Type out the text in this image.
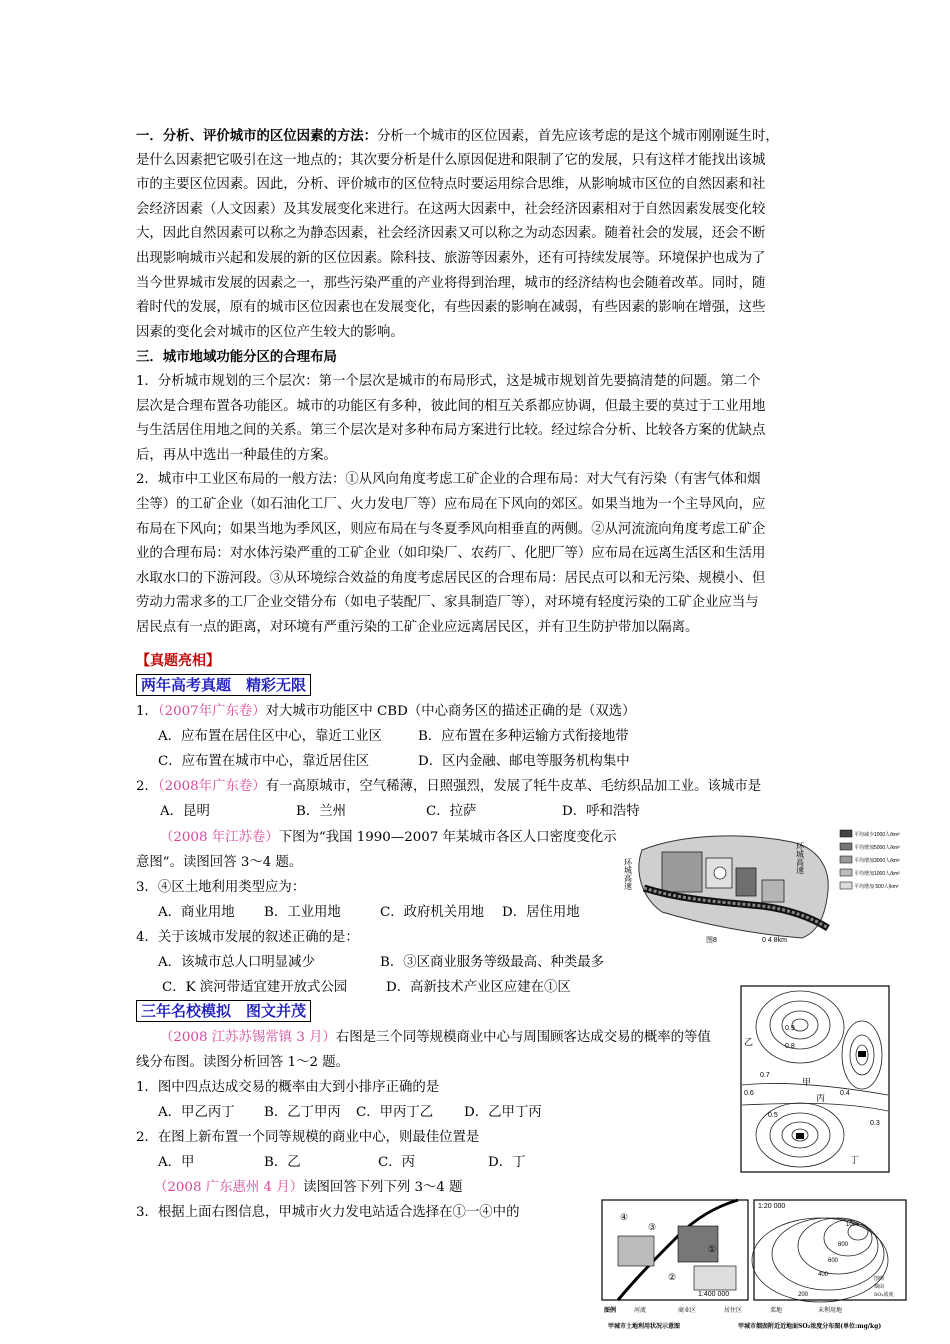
一．分析、评价城市的区位因素的方法：分析一个城市的区位因素，首先应该考虑的是这个城市刚刚诞生时，
是什么因素把它吸引在这一地点的；其次要分析是什么原因促进和限制了它的发展，只有这样才能找出该城
市的主要区位因素。因此，分析、评价城市的区位特点时要运用综合思维，从影响城市区位的自然因素和社
会经济因素（人文因素）及其发展变化来进行。在这两大因素中，社会经济因素相对于自然因素发展变化较
大，因此自然因素可以称之为静态因素，社会经济因素又可以称之为动态因素。随着社会的发展，还会不断
出现影响城市兴起和发展的新的区位因素。除科技、旅游等因素外，还有可持续发展等。环境保护也成为了
当今世界城市发展的因素之一，那些污染严重的产业将得到治理，城市的经济结构也会随着改革。同时，随
着时代的发展，原有的城市区位因素也在发展变化，有些因素的影响在减弱，有些因素的影响在增强，这些
因素的变化会对城市的区位产生较大的影响。
三．城市地域功能分区的合理布局
1．分析城市规划的三个层次：第一个层次是城市的布局形式，这是城市规划首先要搞清楚的问题。第二个
层次是合理布置各功能区。城市的功能区有多种，彼此间的相互关系都应协调，但最主要的莫过于工业用地
与生活居住用地之间的关系。第三个层次是对多种布局方案进行比较。经过综合分析、比较各方案的优缺点
后，再从中选出一种最佳的方案。
2．城市中工业区布局的一般方法：①从风向角度考虑工矿企业的合理布局：对大气有污染（有害气体和烟
尘等）的工矿企业（如石油化工厂、火力发电厂等）应布局在下风向的郊区。如果当地为一个主导风向，应
布局在下风向；如果当地为季风区，则应布局在与冬夏季风向相垂直的两侧。②从河流流向角度考虑工矿企
业的合理布局：对水体污染严重的工矿企业（如印染厂、农药厂、化肥厂等）应布局在远离生活区和生活用
水取水口的下游河段。③从环境综合效益的角度考虑居民区的合理布局：居民点可以和无污染、规模小、但
劳动力需求多的工厂企业交错分布（如电子装配厂、家具制造厂等），对环境有轻度污染的工矿企业应当与
居民点有一点的距离，对环境有严重污染的工矿企业应远离居民区，并有卫生防护带加以隔离。
【真题亮相】
两年高考真题　精彩无限
1．（2007年广东卷）对大城市功能区中 CBD（中心商务区的描述正确的是（双选）
A．应布置在居住区中心，靠近工业区	B．应布置在多种运输方式衔接地带
C．应布置在城市中心，靠近居住区	D．区内金融、邮电等服务机构集中
2．（2008年广东卷）有一高原城市，空气稀薄，日照强烈，发展了牦牛皮革、毛纺织品加工业。该城市是
A．昆明	B．兰州	C．拉萨	D．呼和浩特
（2008 年江苏卷）下图为“我国 1990—2007 年某城市各区人口密度变化示
意图”。读图回答 3～4 题。
3．④区土地利用类型应为：
A．商业用地 B．工业用地	C．政府机关用地 D．居住用地
4．关于该城市发展的叙述正确的是：
A．该城市总人口明显减少	B．③区商业服务等级最高、种类最多
C．K 滨河带适宜建开放式公园	D．高新技术产业区应建在①区
三年名校模拟　图文并茂
（2008 江苏苏锡常镇 3 月）右图是三个同等规模商业中心与周围顾客达成交易的概率的等值
线分布图。读图分析回答 1～2 题。
1．图中四点达成交易的概率由大到小排序正确的是
A．甲乙丙丁 B．乙丁甲丙 C．甲丙丁乙 D．乙甲丁丙
2．在图上新布置一个同等规模的商业中心，则最佳位置是
A．甲	B．乙	C．丙	D．丁
（2008 广东惠州 4 月）读图回答下列下列 3～4 题
3．根据上面右图信息，甲城市火力发电站适合选择在①一④中的
环城高速
环城高速
图8	0 4 8km
平均减少1000人/km²
平均增加5000人/km²
平均增加3000人/km²
平均增加1000人/km²
平均增加 500人/km²
0.9
0.8
0.7
0.6
0.5
0.4
0.3
乙
甲
丙
丁
④
③
②
①
1:400 000
1:20 000
1000
800
600
400
200
图例
烟囱
SO₂浓度
图例	河流	商业区	居住区	菜地	未利用地
甲城市土地利用状况示意图	甲城市烟囱附近近地面SO₂浓度分布图(单位:mg/kg)
